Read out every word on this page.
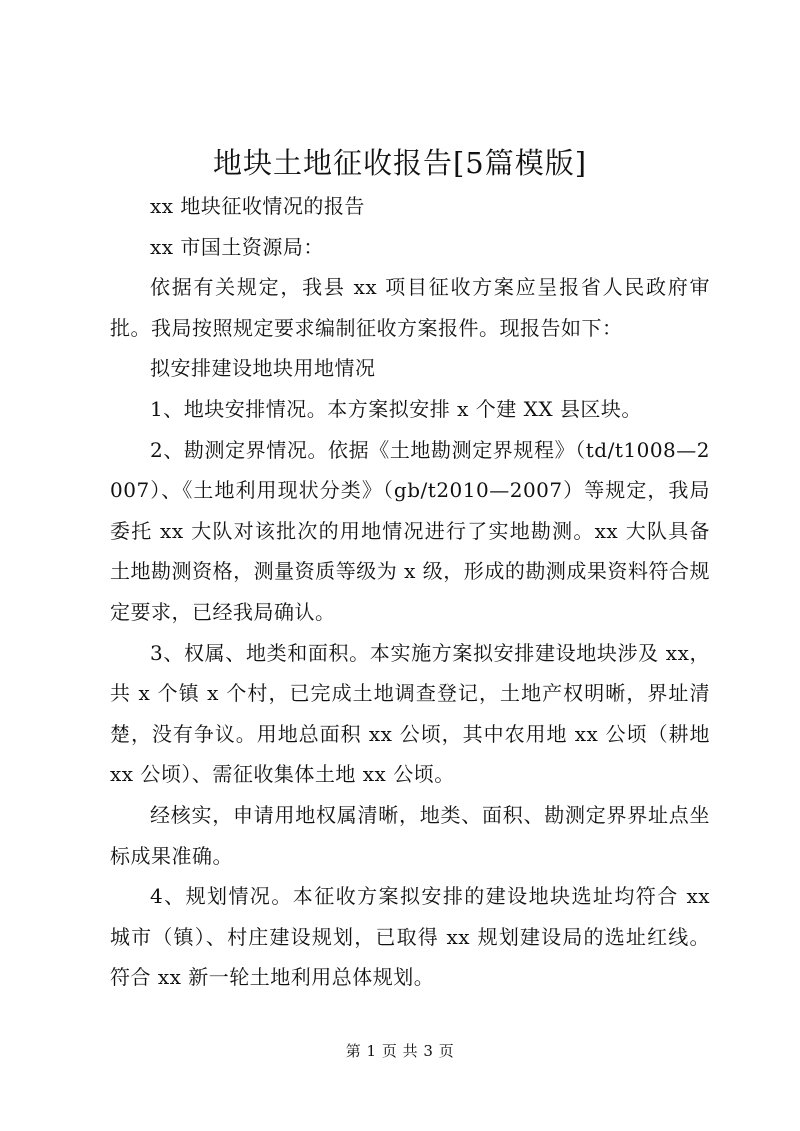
地块土地征收报告[5篇模版]

xx 地块征收情况的报告

xx 市国土资源局：

依据有关规定，我县 xx 项目征收方案应呈报省人民政府审批。我局按照规定要求编制征收方案报件。现报告如下：

拟安排建设地块用地情况

1、地块安排情况。本方案拟安排 x 个建 XX 县区块。

2、勘测定界情况。依据《土地勘测定界规程》（td/t1008—2007）、《土地利用现状分类》（gb/t2010—2007）等规定，我局委托 xx 大队对该批次的用地情况进行了实地勘测。xx 大队具备土地勘测资格，测量资质等级为 x 级，形成的勘测成果资料符合规定要求，已经我局确认。

3、权属、地类和面积。本实施方案拟安排建设地块涉及 xx，共 x 个镇 x 个村，已完成土地调查登记，土地产权明晰，界址清楚，没有争议。用地总面积 xx 公顷，其中农用地 xx 公顷（耕地 xx 公顷）、需征收集体土地 xx 公顷。

经核实，申请用地权属清晰，地类、面积、勘测定界界址点坐标成果准确。

4、规划情况。本征收方案拟安排的建设地块选址均符合 xx 城市（镇）、村庄建设规划，已取得 xx 规划建设局的选址红线。符合 xx 新一轮土地利用总体规划。

第 1 页 共 3 页
